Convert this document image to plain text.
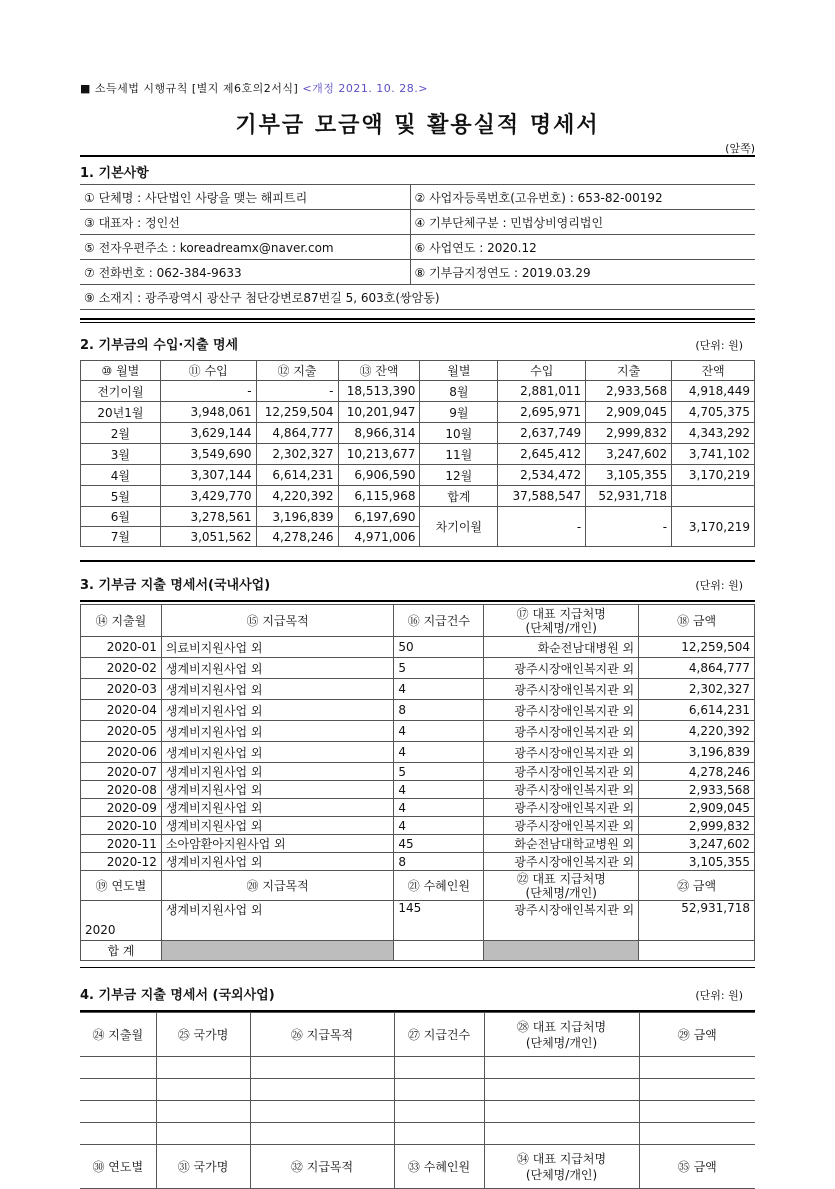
■ 소득세법 시행규칙 [별지 제6호의2서식] <개정 2021. 10. 28.>
기부금 모금액 및 활용실적 명세서
(앞쪽)
1. 기본사항
① 단체명 : 사단법인 사랑을 맺는 해피트리	② 사업자등록번호(고유번호) : 653-82-00192
③ 대표자 : 정인선	④ 기부단체구분 : 민법상비영리법인
⑤ 전자우편주소 : koreadreamx@naver.com	⑥ 사업연도 : 2020.12
⑦ 전화번호 : 062-384-9633	⑧ 기부금지정연도 : 2019.03.29
⑨ 소재지 : 광주광역시 광산구 첨단강변로87번길 5, 603호(쌍암동)	
2. 기부금의 수입·지출 명세	(단위: 원)
⑩ 월별	⑪ 수입	⑫ 지출	⑬ 잔액	월별	수입	지출	잔액
전기이월	-	-	18,513,390	8월	2,881,011	2,933,568	4,918,449
20년1월	3,948,061	12,259,504	10,201,947	9월	2,695,971	2,909,045	4,705,375
2월	3,629,144	4,864,777	8,966,314	10월	2,637,749	2,999,832	4,343,292
3월	3,549,690	2,302,327	10,213,677	11월	2,645,412	3,247,602	3,741,102
4월	3,307,144	6,614,231	6,906,590	12월	2,534,472	3,105,355	3,170,219
5월	3,429,770	4,220,392	6,115,968	합계	37,588,547	52,931,718	
6월	3,278,561	3,196,839	6,197,690	차기이월	-	-	3,170,219
7월	3,051,562	4,278,246	4,971,006				
3. 기부금 지출 명세서(국내사업)	(단위: 원)
⑭ 지출월	⑮ 지급목적	⑯ 지급건수	⑰ 대표 지급처명
(단체명/개인)	⑱ 금액
2020-01	의료비지원사업 외	50	화순전남대병원 외	12,259,504
2020-02	생계비지원사업 외	5	광주시장애인복지관 외	4,864,777
2020-03	생계비지원사업 외	4	광주시장애인복지관 외	2,302,327
2020-04	생계비지원사업 외	8	광주시장애인복지관 외	6,614,231
2020-05	생계비지원사업 외	4	광주시장애인복지관 외	4,220,392
2020-06	생계비지원사업 외	4	광주시장애인복지관 외	3,196,839
2020-07	생계비지원사업 외	5	광주시장애인복지관 외	4,278,246
2020-08	생계비지원사업 외	4	광주시장애인복지관 외	2,933,568
2020-09	생계비지원사업 외	4	광주시장애인복지관 외	2,909,045
2020-10	생계비지원사업 외	4	광주시장애인복지관 외	2,999,832
2020-11	소아암환아지원사업 외	45	화순전남대학교병원 외	3,247,602
2020-12	생계비지원사업 외	8	광주시장애인복지관 외	3,105,355
⑲ 연도별	⑳ 지급목적	㉑ 수혜인원	㉒ 대표 지급처명
(단체명/개인)	㉓ 금액
2020	생계비지원사업 외	145	광주시장애인복지관 외	52,931,718
합 계				
4. 기부금 지출 명세서 (국외사업)	(단위: 원)
㉔ 지출월	㉕ 국가명	㉖ 지급목적	㉗ 지급건수	㉘ 대표 지급처명
(단체명/개인)	㉙ 금액

㉚ 연도별	㉛ 국가명	㉜ 지급목적	㉝ 수혜인원	㉞ 대표 지급처명
(단체명/개인)	㉟ 금액
